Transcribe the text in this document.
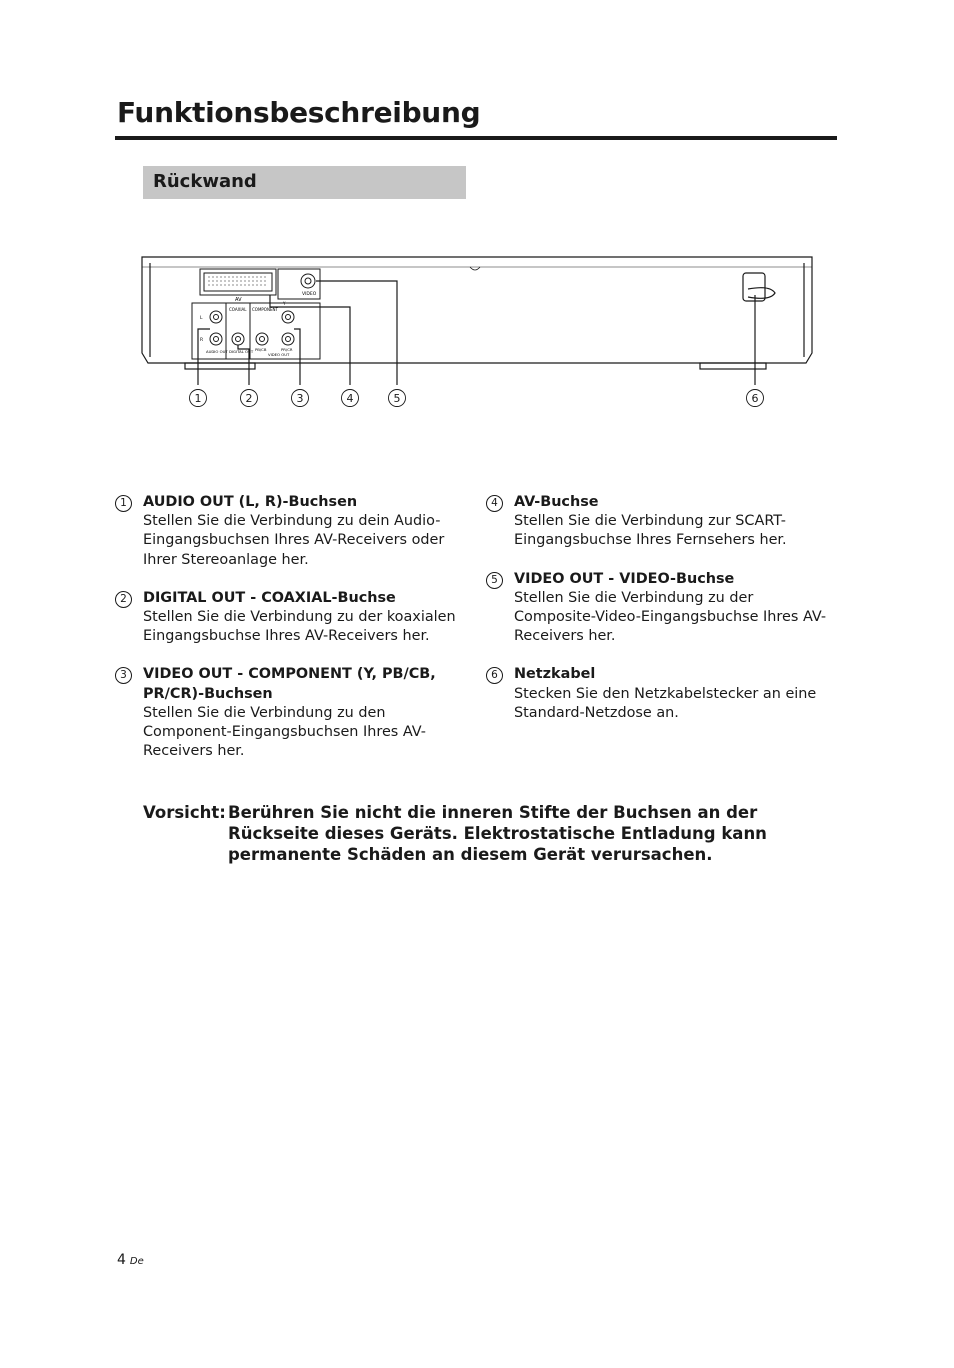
Funktionsbeschreibung
Rückwand
AV
VIDEO
COAXIAL COMPONENT
Y
L
R
AUDIO OUT DIGITAL OUT PB/CB	PR/CR
VIDEO OUT
1	2	3	4	5	6
1	AUDIO OUT (L, R)-Buchsen
Stellen Sie die Verbindung zu dein Audio-Eingangsbuchsen Ihres AV-Receivers oder Ihrer Stereoanlage her.
2	DIGITAL OUT - COAXIAL-Buchse
Stellen Sie die Verbindung zu der koaxialen Eingangsbuchse Ihres AV-Receivers her.
3	VIDEO OUT - COMPONENT (Y, PB/CB, PR/CR)-Buchsen
Stellen Sie die Verbindung zu den Component-Eingangsbuchsen Ihres AV-Receivers her.
4	AV-Buchse
Stellen Sie die Verbindung zur SCART-Eingangsbuchse Ihres Fernsehers her.
5	VIDEO OUT - VIDEO-Buchse
Stellen Sie die Verbindung zu der Composite-Video-Eingangsbuchse Ihres AV-Receivers her.
6	Netzkabel
Stecken Sie den Netzkabelstecker an eine Standard-Netzdose an.
Vorsicht: Berühren Sie nicht die inneren Stifte der Buchsen an der Rückseite dieses Geräts. Elektrostatische Entladung kann permanente Schäden an diesem Gerät verursachen.
4 De
